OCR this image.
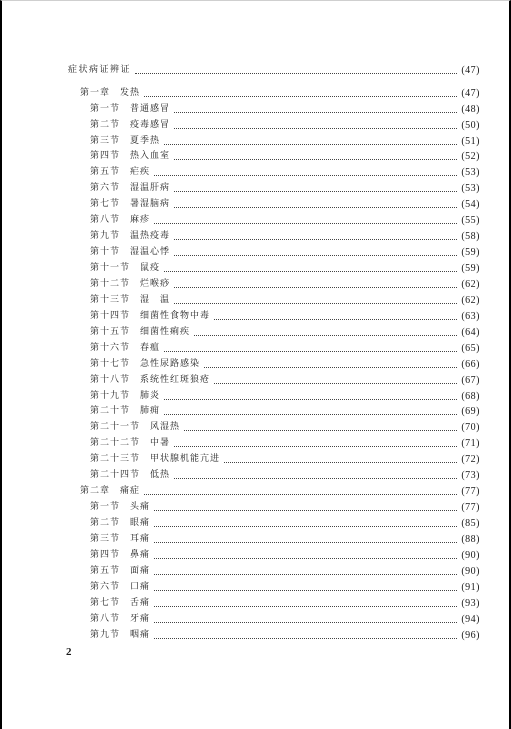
症状病证辨证	(47)
第一章 发热	(47)
第一节 普通感冒	(48)
第二节 疫毒感冒	(50)
第三节 夏季热	(51)
第四节 热入血室	(52)
第五节 疟疾	(53)
第六节 湿温肝病	(53)
第七节 暑湿脑病	(54)
第八节 麻疹	(55)
第九节 温热疫毒	(58)
第十节 湿温心悸	(59)
第十一节 鼠疫	(59)
第十二节 烂喉痧	(62)
第十三节 湿　温	(62)
第十四节 细菌性食物中毒	(63)
第十五节 细菌性痢疾	(64)
第十六节 春瘟	(65)
第十七节 急性尿路感染	(66)
第十八节 系统性红斑狼疮	(67)
第十九节 肺炎	(68)
第二十节 肺痈	(69)
第二十一节 风湿热	(70)
第二十二节 中暑	(71)
第二十三节 甲状腺机能亢进	(72)
第二十四节 低热	(73)
第二章 痛症	(77)
第一节 头痛	(77)
第二节 眼痛	(85)
第三节 耳痛	(88)
第四节 鼻痛	(90)
第五节 面痛	(90)
第六节 口痛	(91)
第七节 舌痛	(93)
第八节 牙痛	(94)
第九节 咽痛	(96)
2
